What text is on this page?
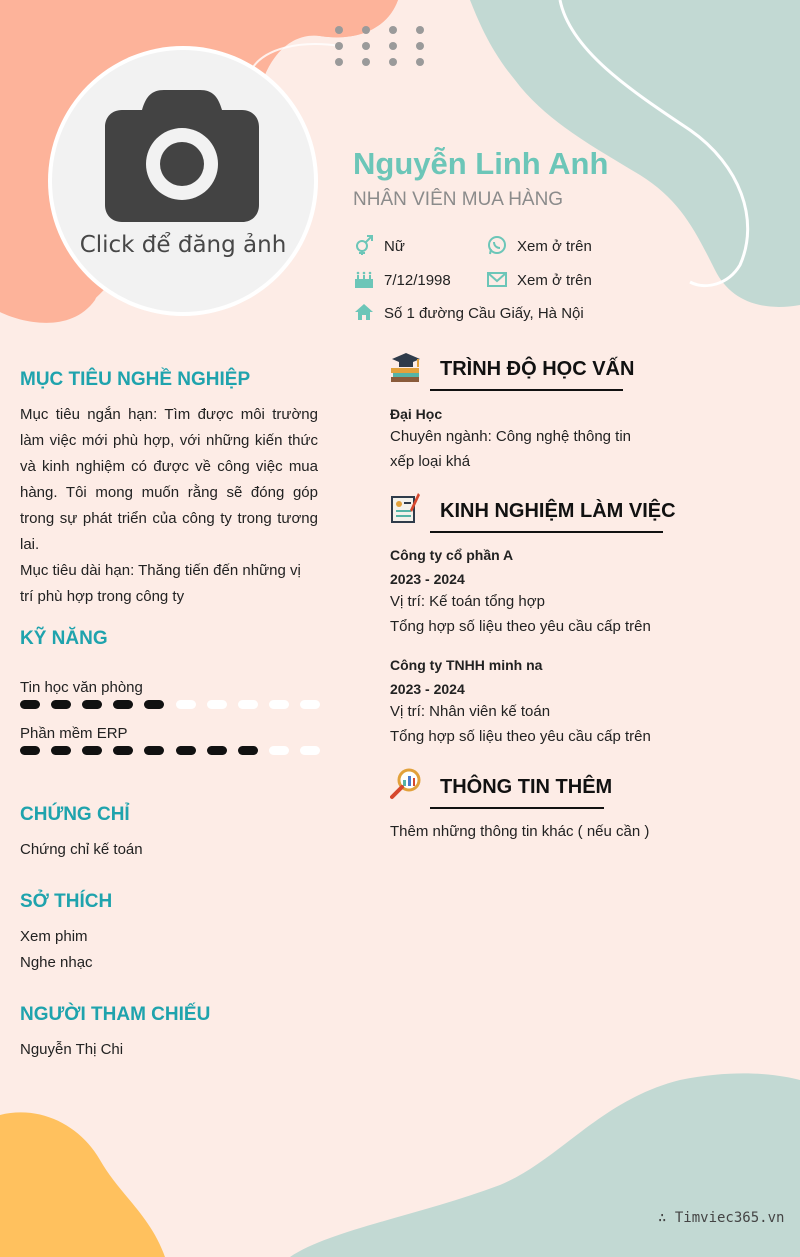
Click để đăng ảnh
Nguyễn Linh Anh
NHÂN VIÊN MUA HÀNG
Nữ	Xem ở trên
7/12/1998	Xem ở trên
Số 1 đường Cầu Giấy, Hà Nội
MỤC TIÊU NGHỀ NGHIỆP
Mục tiêu ngắn hạn: Tìm được môi trường làm việc mới phù hợp, với những kiến thức và kinh nghiệm có được về công việc mua hàng. Tôi mong muốn rằng sẽ đóng góp trong sự phát triển của công ty trong tương lai.
Mục tiêu dài hạn: Thăng tiến đến những vị trí phù hợp trong công ty
KỸ NĂNG
Tin học văn phòng
Phần mềm ERP
CHỨNG CHỈ
Chứng chỉ kế toán
SỞ THÍCH
Xem phim
Nghe nhạc
NGƯỜI THAM CHIẾU
Nguyễn Thị Chi
TRÌNH ĐỘ HỌC VẤN
Đại Học
Chuyên ngành: Công nghệ thông tin
xếp loại khá
KINH NGHIỆM LÀM VIỆC
Công ty cổ phần A
2023 - 2024
Vị trí: Kế toán tổng hợp
Tổng hợp số liệu theo yêu cầu cấp trên
Công ty TNHH minh na
2023 - 2024
Vị trí: Nhân viên kế toán
Tổng hợp số liệu theo yêu cầu cấp trên
THÔNG TIN THÊM
Thêm những thông tin khác ( nếu cần )
∴ Timviec365.vn
